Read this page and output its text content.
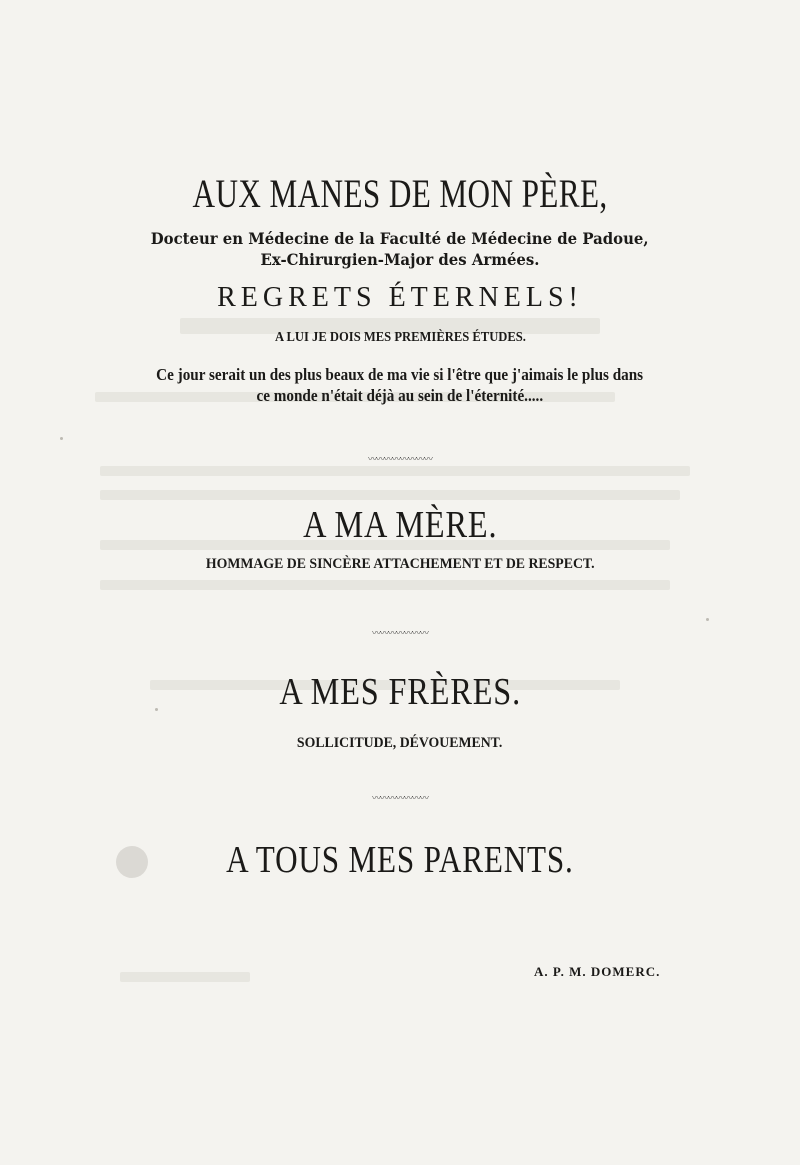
AUX MANES DE MON PÈRE,
Docteur en Médecine de la Faculté de Médecine de Padoue,
Ex-Chirurgien-Major des Armées.
REGRETS ÉTERNELS!
A LUI JE DOIS MES PREMIÈRES ÉTUDES.
Ce jour serait un des plus beaux de ma vie si l'être que j'aimais le plus dans
ce monde n'était déjà au sein de l'éternité.....
〰〰〰〰〰〰〰〰
A MA MÈRE.
HOMMAGE DE SINCÈRE ATTACHEMENT ET DE RESPECT.
〰〰〰〰〰〰〰
A MES FRÈRES.
SOLLICITUDE, DÉVOUEMENT.
〰〰〰〰〰〰〰
A TOUS MES PARENTS.
A. P. M. DOMERC.
